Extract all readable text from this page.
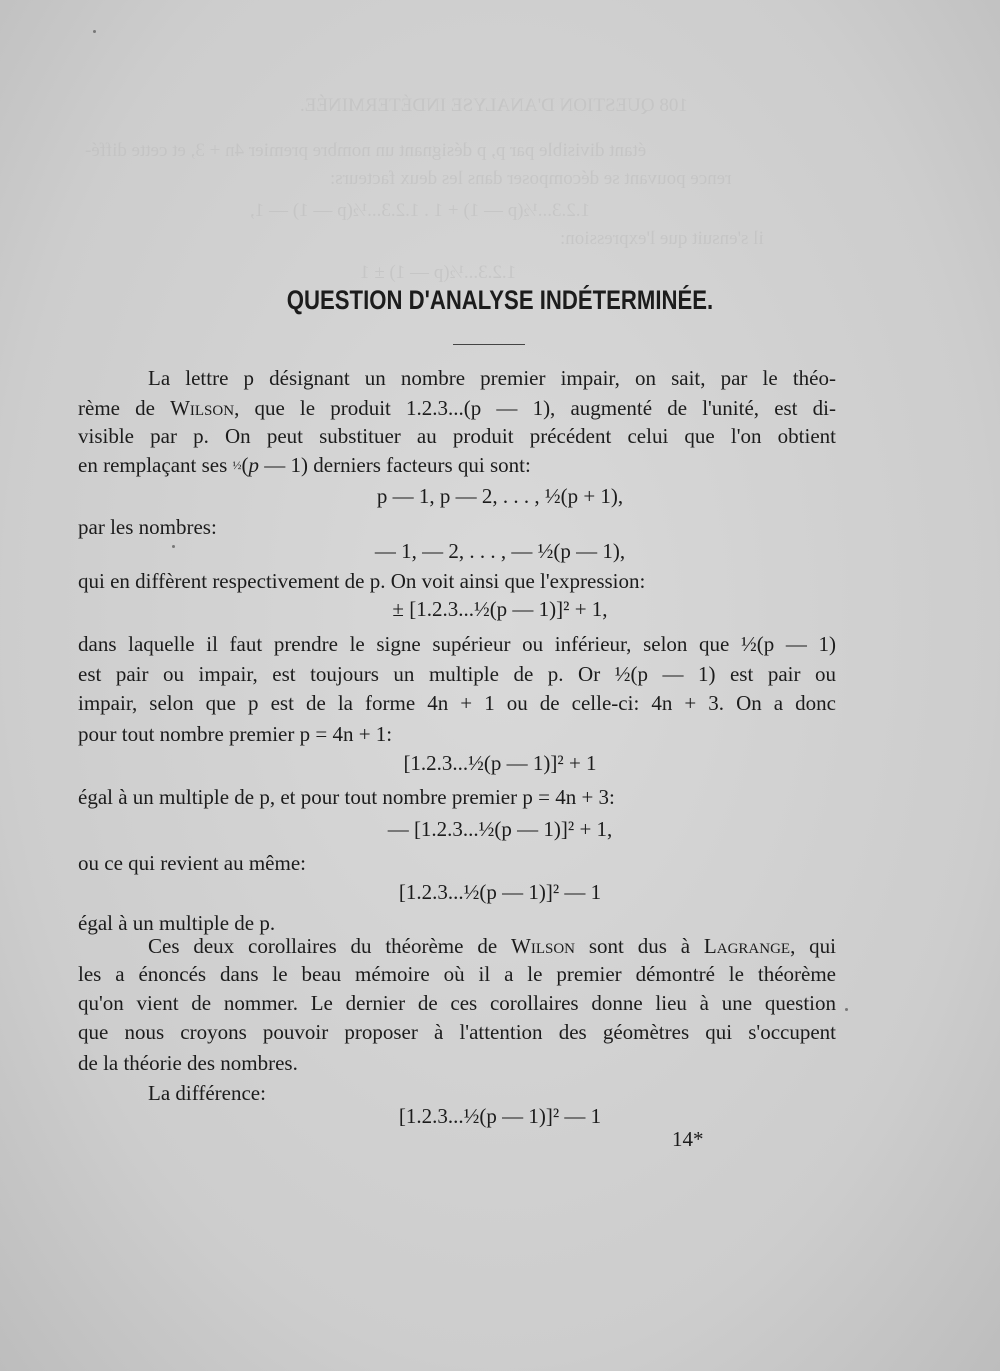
108 QUESTION D'ANALYSE INDÉTERMINÉE.
étant divisible par p, p désignant un nombre premier 4n + 3, et cette diffé-
rence pouvant se décomposer dans les deux facteurs:
1.2.3...½(p — 1) + 1 . 1.2.3...½(p — 1) — 1,
il s'ensuit que l'expression:
1.2.3...½(p — 1) ± 1
QUESTION D'ANALYSE INDÉTERMINÉE.
La lettre p désignant un nombre premier impair, on sait, par le théo-
rème de Wilson, que le produit 1.2.3...(p — 1), augmenté de l'unité, est di-
visible par p. On peut substituer au produit précédent celui que l'on obtient
en remplaçant ses ½(p — 1) derniers facteurs qui sont:
p — 1, p — 2, . . . , ½(p + 1),
par les nombres:
— 1, — 2, . . . , — ½(p — 1),
qui en diffèrent respectivement de p. On voit ainsi que l'expression:
± [1.2.3...½(p — 1)]² + 1,
dans laquelle il faut prendre le signe supérieur ou inférieur, selon que ½(p — 1)
est pair ou impair, est toujours un multiple de p. Or ½(p — 1) est pair ou
impair, selon que p est de la forme 4n + 1 ou de celle-ci: 4n + 3. On a donc
pour tout nombre premier p = 4n + 1:
[1.2.3...½(p — 1)]² + 1
égal à un multiple de p, et pour tout nombre premier p = 4n + 3:
— [1.2.3...½(p — 1)]² + 1,
ou ce qui revient au même:
[1.2.3...½(p — 1)]² — 1
égal à un multiple de p.
Ces deux corollaires du théorème de Wilson sont dus à Lagrange, qui
les a énoncés dans le beau mémoire où il a le premier démontré le théorème
qu'on vient de nommer. Le dernier de ces corollaires donne lieu à une question
que nous croyons pouvoir proposer à l'attention des géomètres qui s'occupent
de la théorie des nombres.
La différence:
[1.2.3...½(p — 1)]² — 1
14*
